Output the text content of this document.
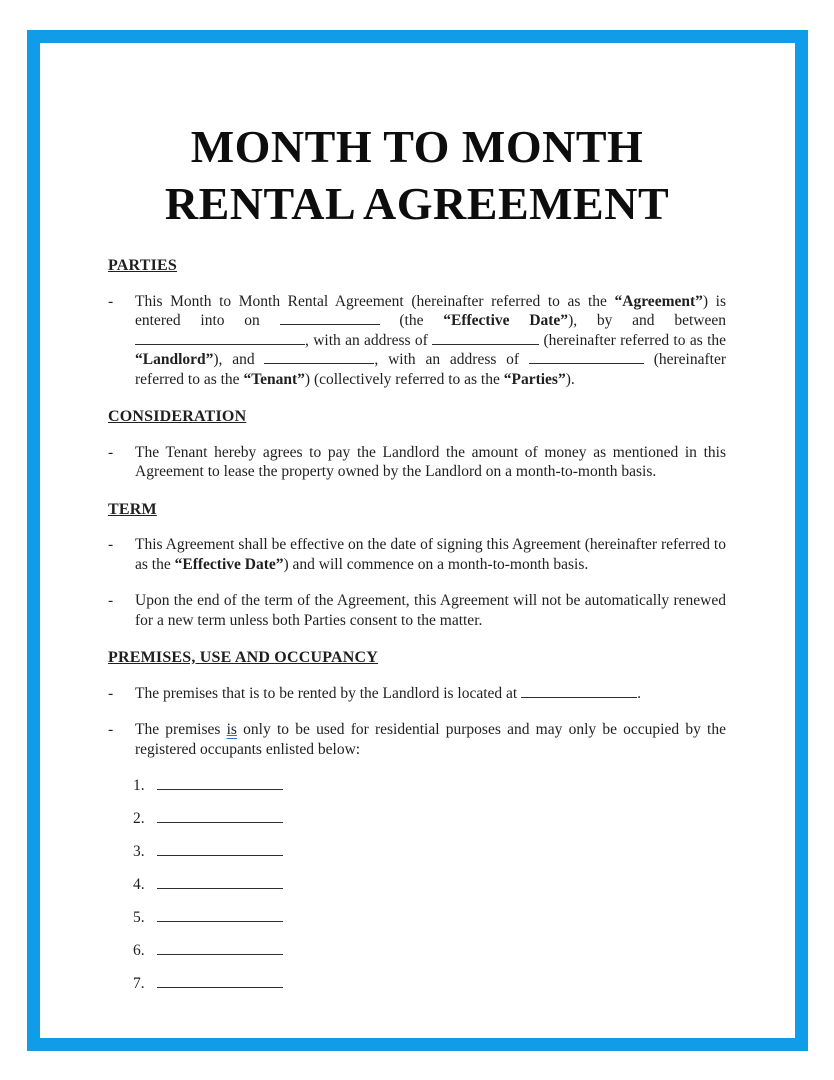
MONTH TO MONTH
RENTAL AGREEMENT
PARTIES
-	This Month to Month Rental Agreement (hereinafter referred to as the “Agreement”) is entered into on	(the “Effective Date”), by and between , with an address of	(hereinafter referred to as the “Landlord”), and	, with an address of	(hereinafter referred to as the “Tenant”) (collectively referred to as the “Parties”).
CONSIDERATION
-	The Tenant hereby agrees to pay the Landlord the amount of money as mentioned in this Agreement to lease the property owned by the Landlord on a month-to-month basis.
TERM
-	This Agreement shall be effective on the date of signing this Agreement (hereinafter referred to as the “Effective Date”) and will commence on a month-to-month basis.
-	Upon the end of the term of the Agreement, this Agreement will not be automatically renewed for a new term unless both Parties consent to the matter.
PREMISES, USE AND OCCUPANCY
-	The premises that is to be rented by the Landlord is located at	.
-	The premises is only to be used for residential purposes and may only be occupied by the registered occupants enlisted below:
1.
2.
3.
4.
5.
6.
7.
